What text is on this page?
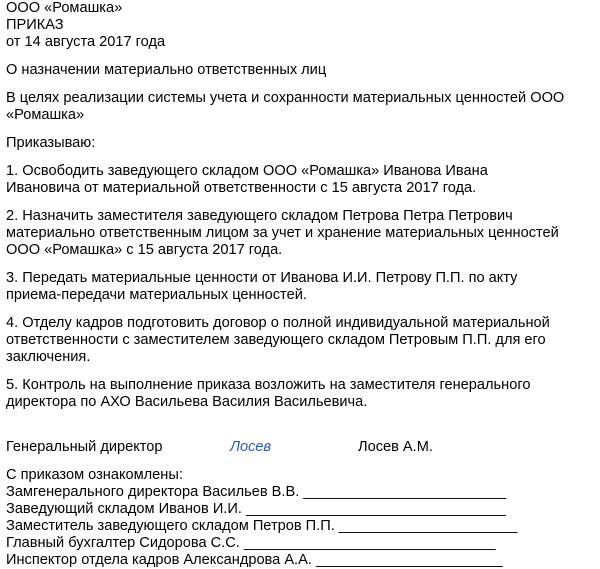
ООО «Ромашка»
ПРИКАЗ
от 14 августа 2017 года
О назначении материально ответственных лиц
В целях реализации системы учета и сохранности материальных ценностей ООО
«Ромашка»
Приказываю:
1. Освободить заведующего складом ООО «Ромашка» Иванова Ивана
Ивановича от материальной ответственности с 15 августа 2017 года.
2. Назначить заместителя заведующего складом Петрова Петра Петрович
материально ответственным лицом за учет и хранение материальных ценностей
ООО «Ромашка» с 15 августа 2017 года.
3. Передать материальные ценности от Иванова И.И. Петрову П.П. по акту
приема-передачи материальных ценностей.
4. Отделу кадров подготовить договор о полной индивидуальной материальной
ответственности с заместителем заведующего складом Петровым П.П. для его
заключения.
5. Контроль на выполнение приказа возложить на заместителя генерального
директора по АХО Васильева Василия Васильевича.
Генеральный директор	Лосев	Лосев А.М.
С приказом ознакомлены:
Замгенерального директора Васильев В.В. _________________________
Заведующий складом Иванов И.И. ________________________________
Заместитель заведующего складом Петров П.П. ______________________
Главный бухгалтер Сидорова С.С. _______________________________
Инспектор отдела кадров Александрова А.А. _______________________
